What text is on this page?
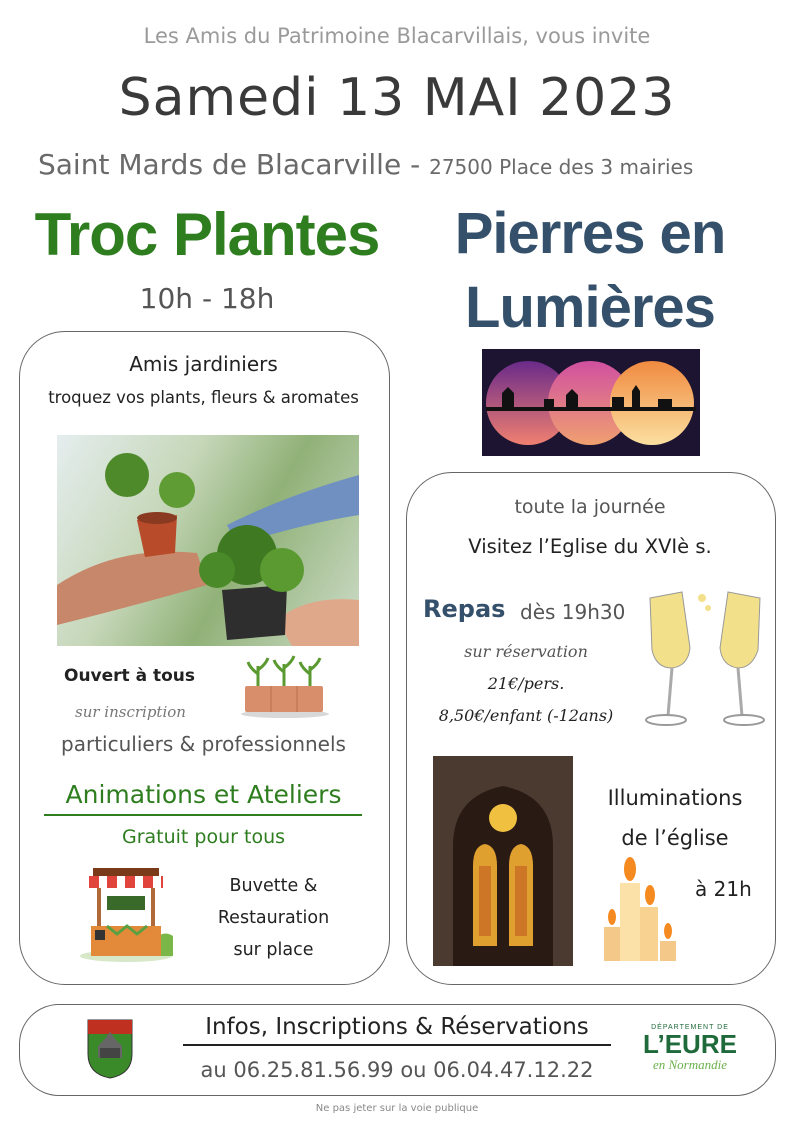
Les Amis du Patrimoine Blacarvillais, vous invite
Samedi 13 MAI 2023
Saint Mards de Blacarville - 27500 Place des 3 mairies
Troc Plantes
10h - 18h
Pierres en
Lumières
Amis jardiniers
troquez vos plants, fleurs & aromates
Ouvert à tous
sur inscription
particuliers & professionnels
Animations et Ateliers
Gratuit pour tous
Buvette &
Restauration
sur place
toute la journée
Visitez l’Eglise du XVIè s.
Repas dès 19h30
sur réservation
21€/pers.
8,50€/enfant (-12ans)
Illuminations
de l’église
à 21h
Infos, Inscriptions & Réservations
au 06.25.81.56.99 ou 06.04.47.12.22
DÉPARTEMENT DE
L’EURE
en Normandie
Ne pas jeter sur la voie publique
